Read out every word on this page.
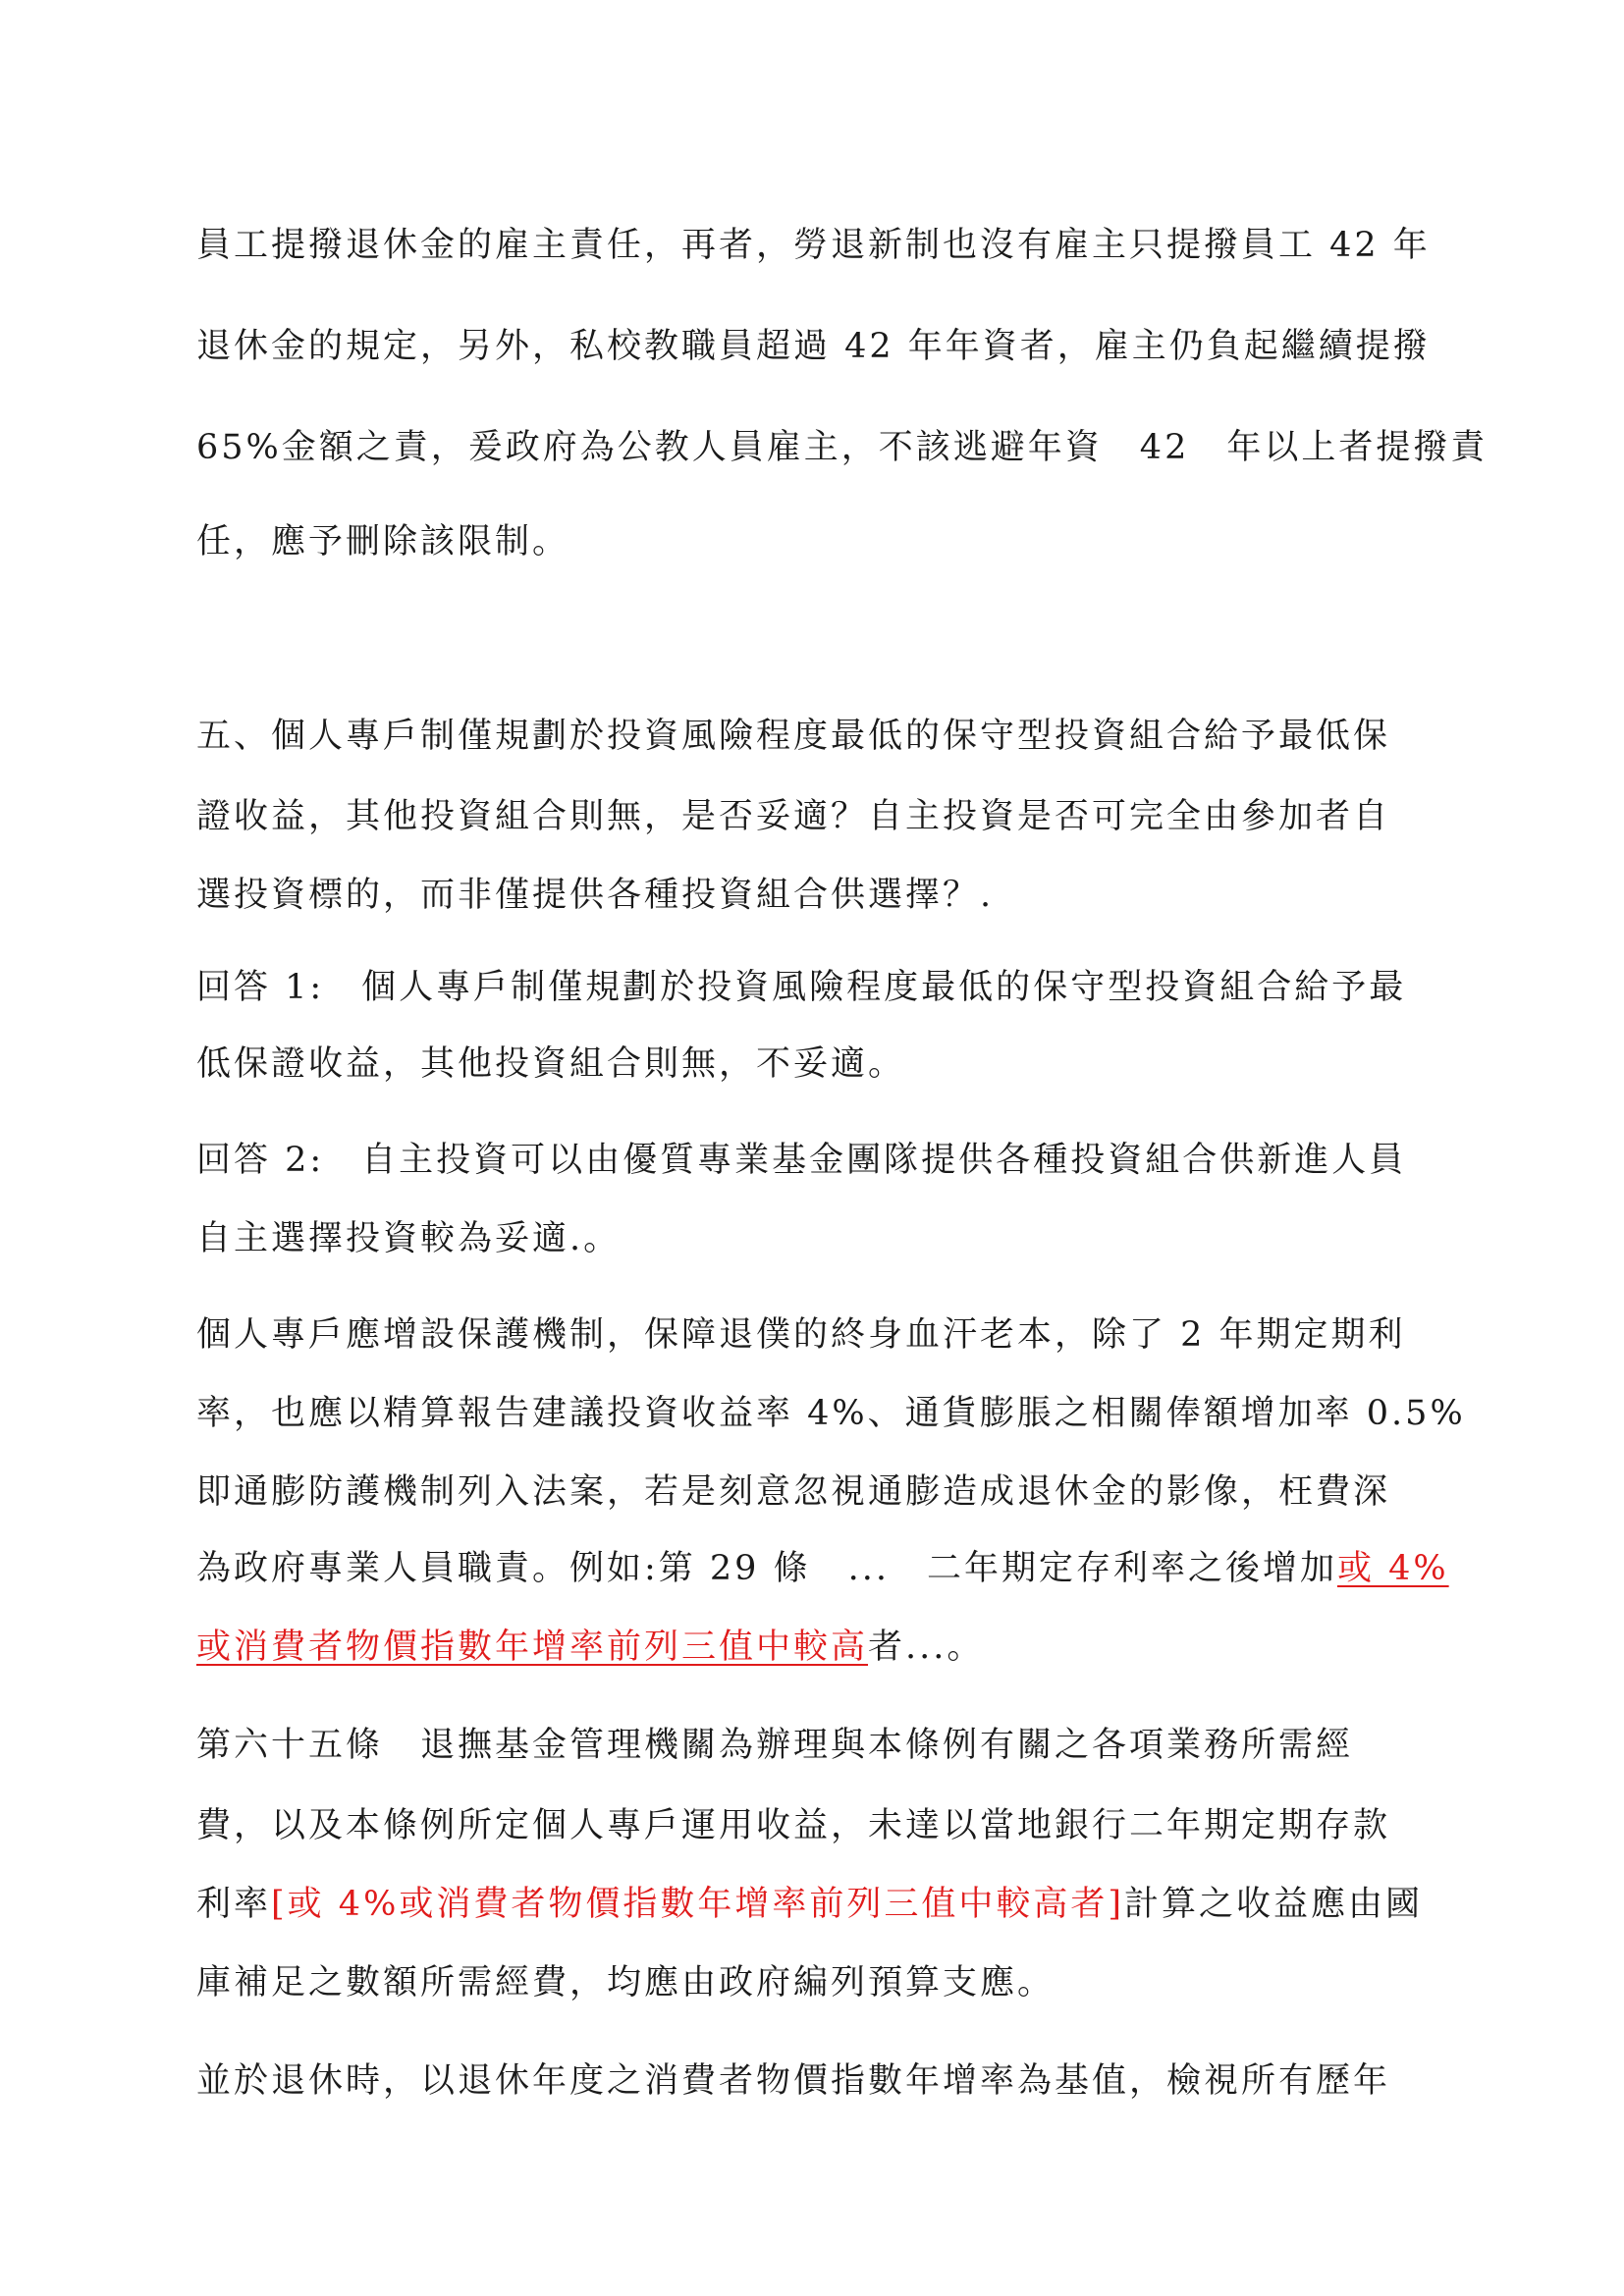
員工提撥退休金的雇主責任，再者，勞退新制也沒有雇主只提撥員工 42 年
退休金的規定，另外，私校教職員超過 42 年年資者，雇主仍負起繼續提撥
65%金額之責，爰政府為公教人員雇主，不該逃避年資　42　年以上者提撥責
任，應予刪除該限制。
五、個人專戶制僅規劃於投資風險程度最低的保守型投資組合給予最低保
證收益，其他投資組合則無，是否妥適？自主投資是否可完全由參加者自
選投資標的，而非僅提供各種投資組合供選擇？.
回答 1:　個人專戶制僅規劃於投資風險程度最低的保守型投資組合給予最
低保證收益，其他投資組合則無，不妥適。
回答 2:　自主投資可以由優質專業基金團隊提供各種投資組合供新進人員
自主選擇投資較為妥適.。
個人專戶應增設保護機制，保障退僕的終身血汗老本，除了 2 年期定期利
率，也應以精算報告建議投資收益率 4%、通貨膨脹之相關俸額增加率 0.5%
即通膨防護機制列入法案，若是刻意忽視通膨造成退休金的影像，枉費深
為政府專業人員職責。例如:第 29 條　...　二年期定存利率之後增加或 4%
或消費者物價指數年增率前列三值中較高者...。
第六十五條　退撫基金管理機關為辦理與本條例有關之各項業務所需經
費，以及本條例所定個人專戶運用收益，未達以當地銀行二年期定期存款
利率[或 4%或消費者物價指數年增率前列三值中較高者]計算之收益應由國
庫補足之數額所需經費，均應由政府編列預算支應。
並於退休時，以退休年度之消費者物價指數年增率為基值，檢視所有歷年
